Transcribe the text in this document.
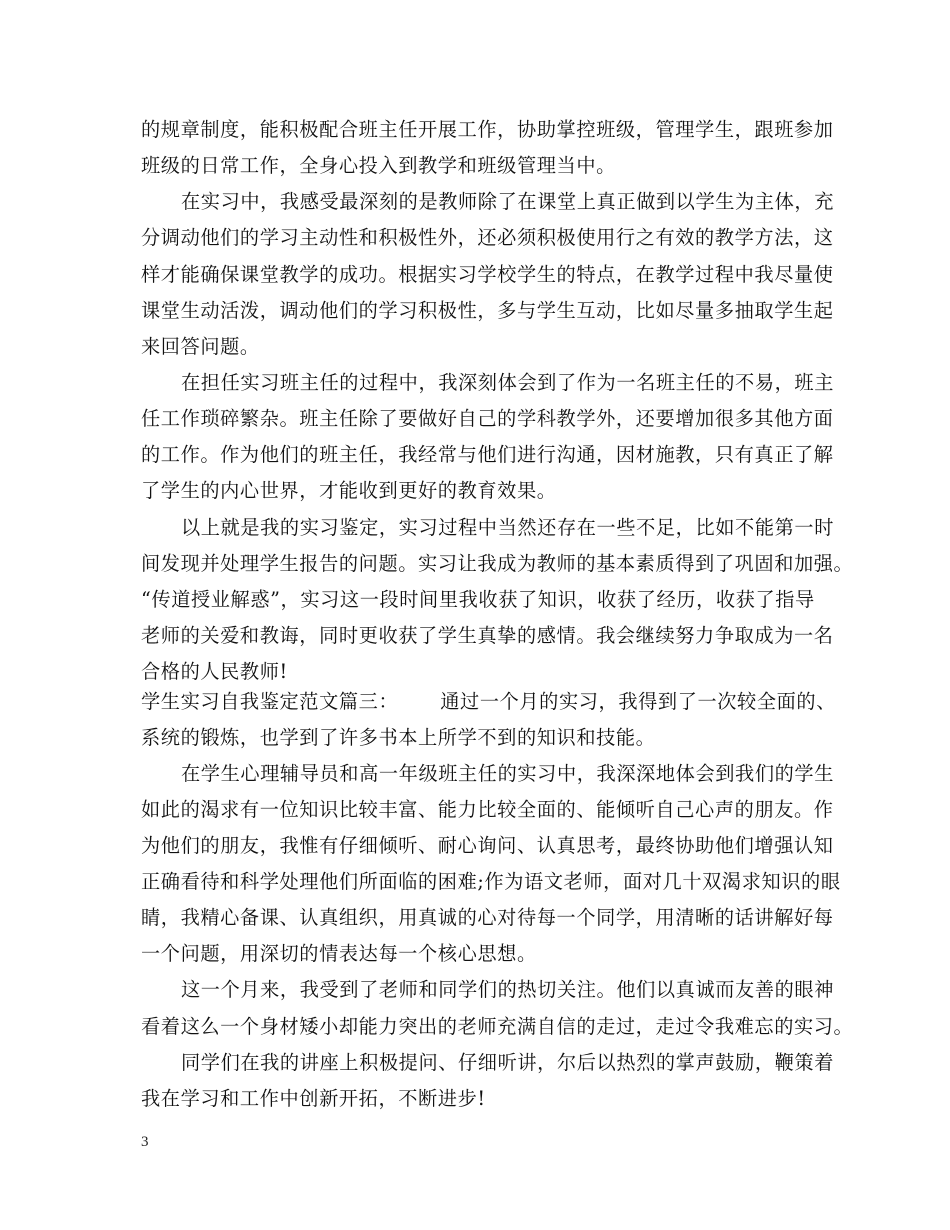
的规章制度，能积极配合班主任开展工作，协助掌控班级，管理学生，跟班参加
班级的日常工作，全身心投入到教学和班级管理当中。
在实习中，我感受最深刻的是教师除了在课堂上真正做到以学生为主体，充
分调动他们的学习主动性和积极性外，还必须积极使用行之有效的教学方法，这
样才能确保课堂教学的成功。根据实习学校学生的特点，在教学过程中我尽量使
课堂生动活泼，调动他们的学习积极性，多与学生互动，比如尽量多抽取学生起
来回答问题。
在担任实习班主任的过程中，我深刻体会到了作为一名班主任的不易，班主
任工作琐碎繁杂。班主任除了要做好自己的学科教学外，还要增加很多其他方面
的工作。作为他们的班主任，我经常与他们进行沟通，因材施教，只有真正了解
了学生的内心世界，才能收到更好的教育效果。
以上就是我的实习鉴定，实习过程中当然还存在一些不足，比如不能第一时
间发现并处理学生报告的问题。实习让我成为教师的基本素质得到了巩固和加强。
“传道授业解惑”，实习这一段时间里我收获了知识，收获了经历，收获了指导
老师的关爱和教诲，同时更收获了学生真挚的感情。我会继续努力争取成为一名
合格的人民教师!
学生实习自我鉴定范文篇三： 通过一个月的实习，我得到了一次较全面的、
系统的锻炼，也学到了许多书本上所学不到的知识和技能。
在学生心理辅导员和高一年级班主任的实习中，我深深地体会到我们的学生
如此的渴求有一位知识比较丰富、能力比较全面的、能倾听自己心声的朋友。作
为他们的朋友，我惟有仔细倾听、耐心询问、认真思考，最终协助他们增强认知
正确看待和科学处理他们所面临的困难;作为语文老师，面对几十双渴求知识的眼
睛，我精心备课、认真组织，用真诚的心对待每一个同学，用清晰的话讲解好每
一个问题，用深切的情表达每一个核心思想。
这一个月来，我受到了老师和同学们的热切关注。他们以真诚而友善的眼神
看着这么一个身材矮小却能力突出的老师充满自信的走过，走过令我难忘的实习。
同学们在我的讲座上积极提问、仔细听讲，尔后以热烈的掌声鼓励，鞭策着
我在学习和工作中创新开拓，不断进步!
3
